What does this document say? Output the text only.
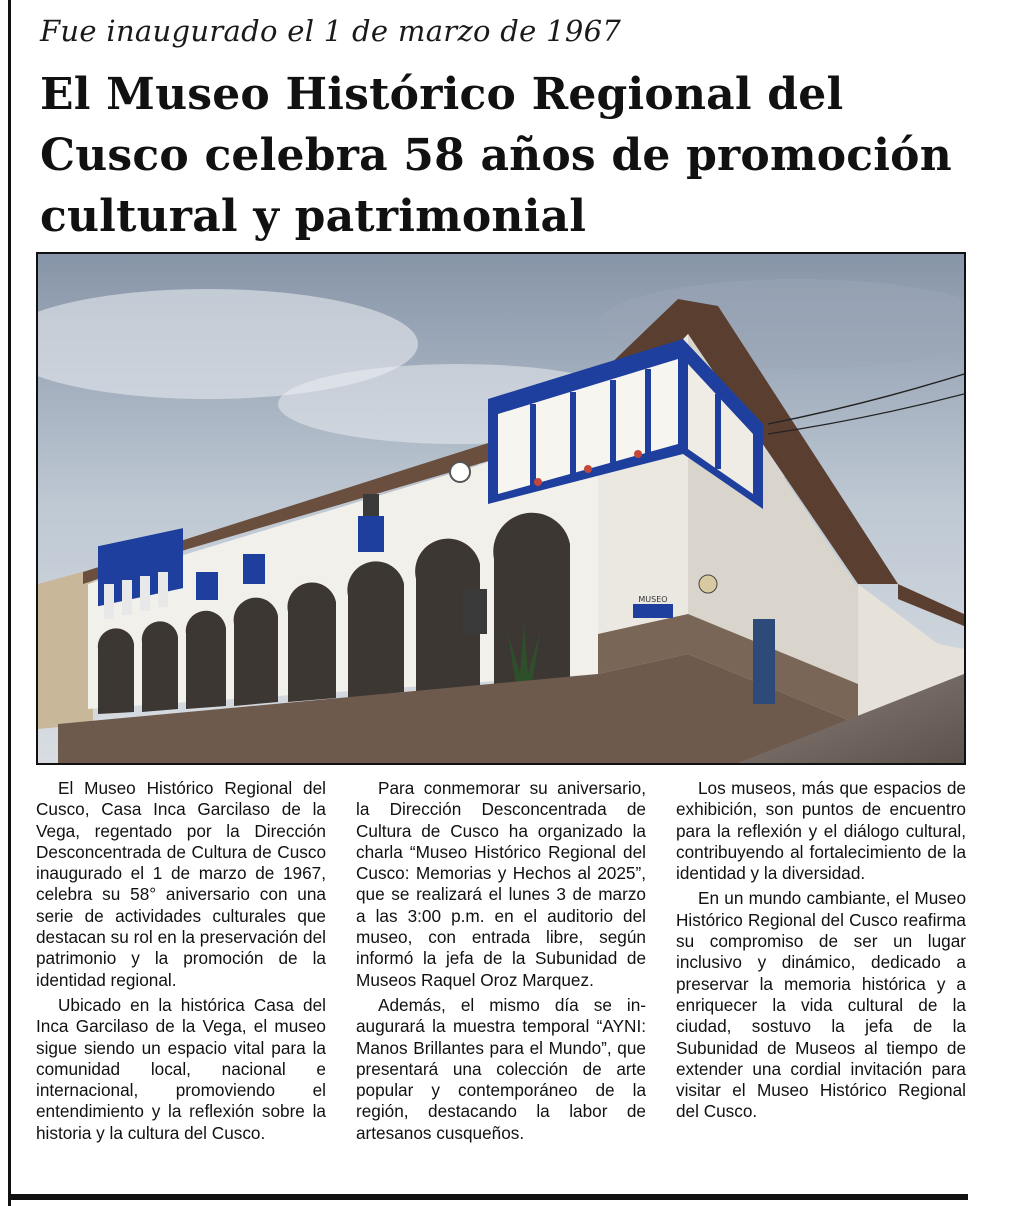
Fue inaugurado el 1 de marzo de 1967
El Museo Histórico Regional del Cusco celebra 58 años de promoción cultural y patrimonial
MUSEO

El Museo Histórico Regional del Cusco, Casa Inca Garcilaso de la Vega, regentado por la Dirección Desconcentrada de Cultura de Cusco inaugurado el 1 de marzo de 1967, celebra su 58° aniversario con una serie de actividades culturales que destacan su rol en la preservación del patrimonio y la promoción de la identidad regional.

Ubicado en la histórica Casa del Inca Garcilaso de la Vega, el museo sigue siendo un espacio vital para la comunidad local, nacional e internacional, promoviendo el entendimiento y la reflexión sobre la historia y la cultura del Cusco.

Para conmemorar su aniversario, la Dirección Desconcentrada de Cultura de Cusco ha organizado la charla “Museo Histórico Regional del Cusco: Memorias y Hechos al 2025”, que se realizará el lunes 3 de marzo a las 3:00 p.m. en el auditorio del museo, con entrada libre, según informó la jefa de la Subunidad de Museos Raquel Oroz Marquez.

Además, el mismo día se inaugurará la muestra temporal “AYNI: Manos Brillantes para el Mundo”, que presentará una colección de arte popular y contemporáneo de la región, destacando la labor de artesanos cusqueños.

Los museos, más que espacios de exhibición, son puntos de encuentro para la reflexión y el diálogo cultural, contribuyendo al fortalecimiento de la identidad y la diversidad.

En un mundo cambiante, el Museo Histórico Regional del Cusco reafirma su compromiso de ser un lugar inclusivo y dinámico, dedicado a preservar la memoria histórica y a enriquecer la vida cultural de la ciudad, sostuvo la jefa de la Subunidad de Museos al tiempo de extender una cordial invitación para visitar el Museo Histórico Regional del Cusco.
